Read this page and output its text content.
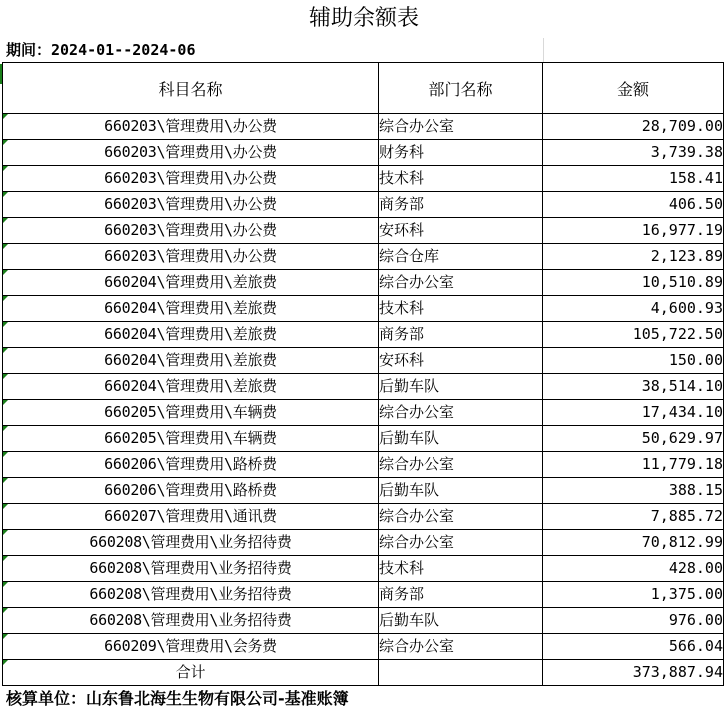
辅助余额表
期间：2024-01--2024-06
科目名称	部门名称	金额
660203\管理费用\办公费	综合办公室	28,709.00
660203\管理费用\办公费	财务科	3,739.38
660203\管理费用\办公费	技术科	158.41
660203\管理费用\办公费	商务部	406.50
660203\管理费用\办公费	安环科	16,977.19
660203\管理费用\办公费	综合仓库	2,123.89
660204\管理费用\差旅费	综合办公室	10,510.89
660204\管理费用\差旅费	技术科	4,600.93
660204\管理费用\差旅费	商务部	105,722.50
660204\管理费用\差旅费	安环科	150.00
660204\管理费用\差旅费	后勤车队	38,514.10
660205\管理费用\车辆费	综合办公室	17,434.10
660205\管理费用\车辆费	后勤车队	50,629.97
660206\管理费用\路桥费	综合办公室	11,779.18
660206\管理费用\路桥费	后勤车队	388.15
660207\管理费用\通讯费	综合办公室	7,885.72
660208\管理费用\业务招待费	综合办公室	70,812.99
660208\管理费用\业务招待费	技术科	428.00
660208\管理费用\业务招待费	商务部	1,375.00
660208\管理费用\业务招待费	后勤车队	976.00
660209\管理费用\会务费	综合办公室	566.04
合计		373,887.94
核算单位：山东鲁北海生生物有限公司-基准账簿
